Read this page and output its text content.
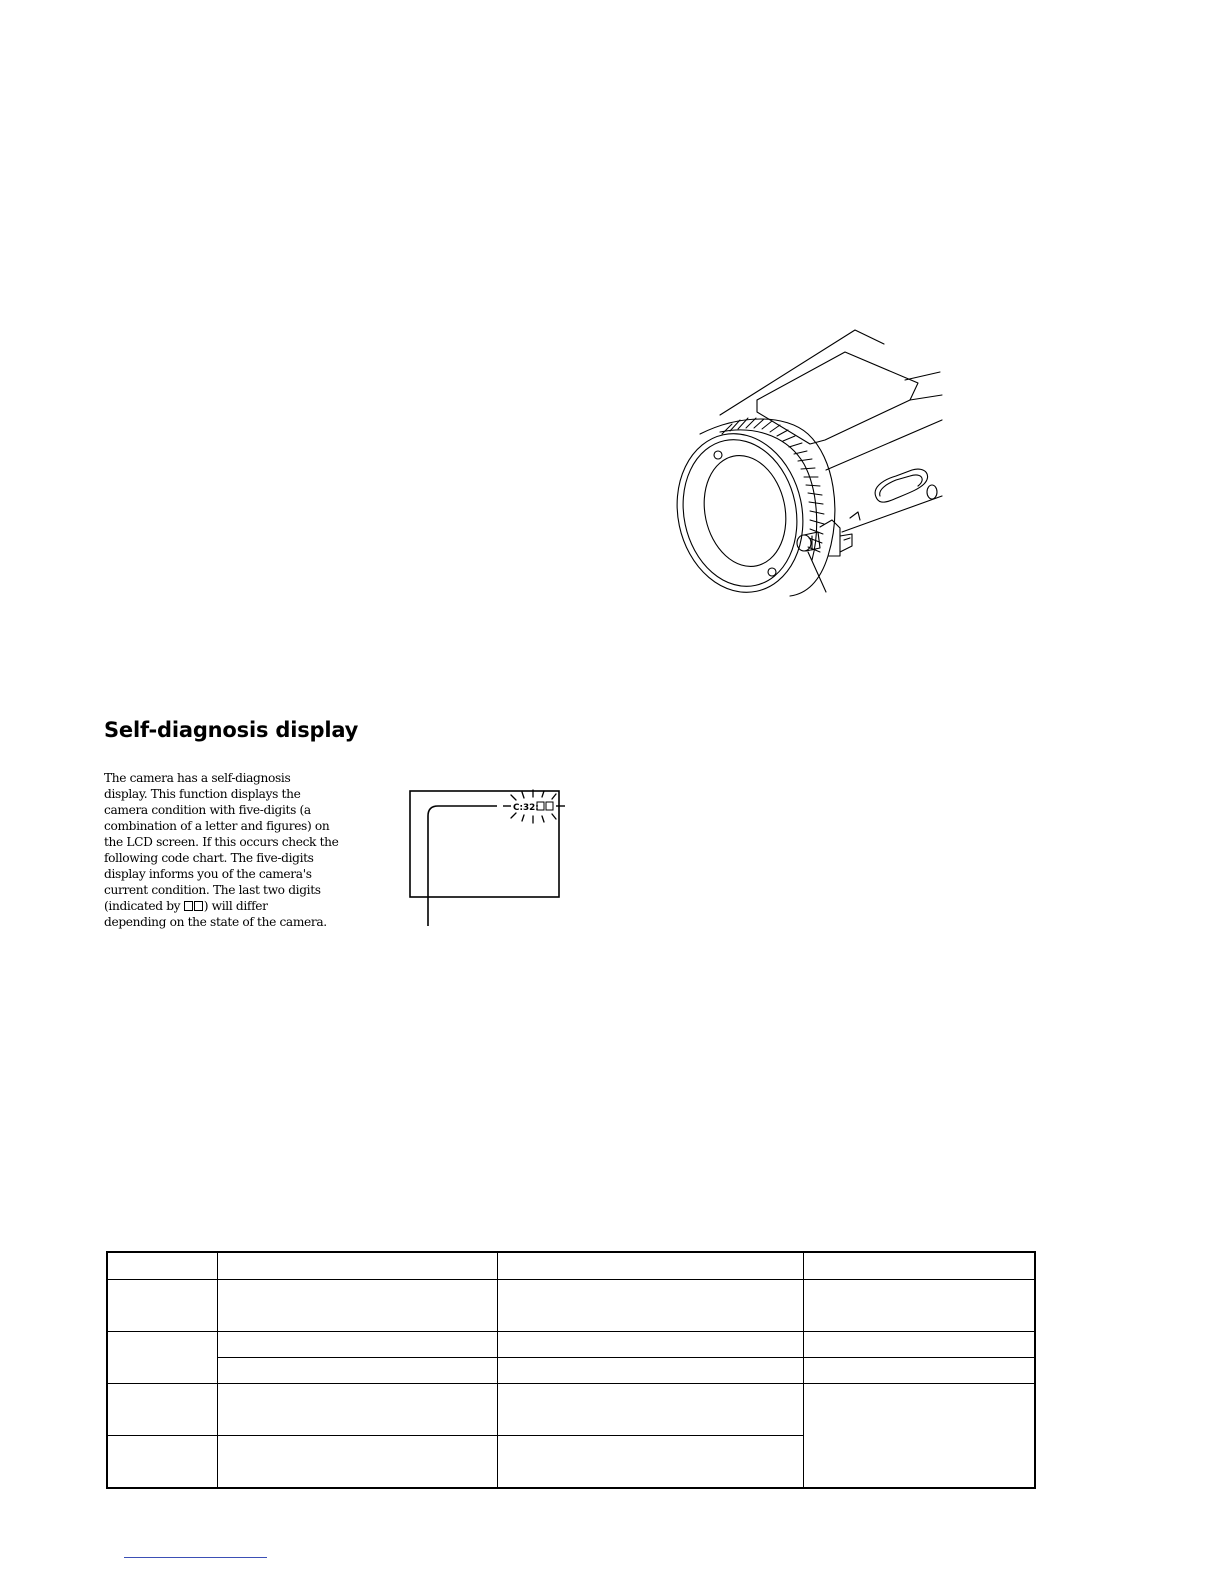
Self-diagnosis display

The camera has a self-diagnosis
display. This function displays the
camera condition with five-digits (a
combination of a letter and figures) on
the LCD screen. If this occurs check the
following code chart. The five-digits
display informs you of the camera's
current condition. The last two digits
(indicated by ) will differ
depending on the state of the camera.

C:32:
